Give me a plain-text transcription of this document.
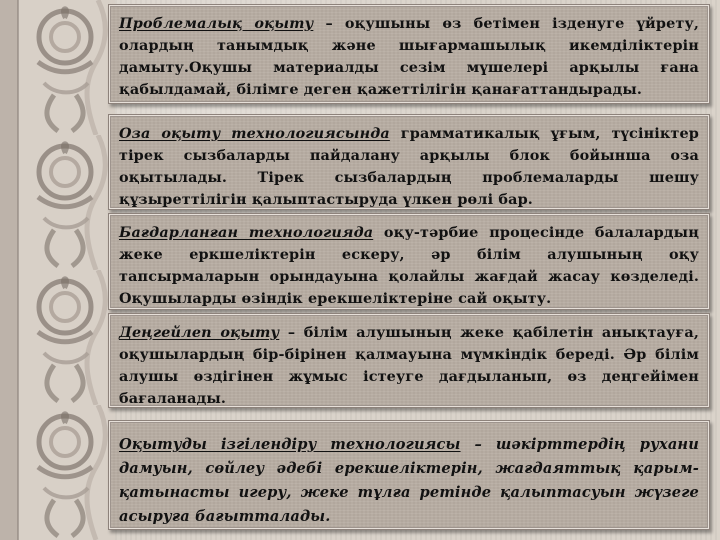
Проблемалық оқыту – оқушыны өз бетімен ізденуге үйрету, олардың танымдық және шығармашылық икемділіктерін дамыту.Оқушы материалды сезім мүшелері арқылы ғана қабылдамай, білімге деген қажеттілігін қанағаттандырады.

Оза оқыту технологиясында грамматикалық ұғым, түсініктер тірек сызбаларды пайдалану арқылы блок бойынша оза оқытылады. Тірек сызбалардың проблемаларды шешу құзыреттілігін қалыптастыруда үлкен рөлі бар.

Бағдарланған технологияда оқу-тәрбие процесінде балалардың жеке еркшеліктерін ескеру, әр білім алушының оқу тапсырмаларын орындауына қолайлы жағдай жасау көзделеді. Оқушыларды өзіндік ерекшеліктеріне сай оқыту.

Деңгейлеп оқыту – білім алушының жеке қабілетін анықтауға, оқушылардың бір-бірінен қалмауына мүмкіндік береді. Әр білім алушы өздігінен жұмыс істеуге дағдыланып, өз деңгейімен бағаланады.

Оқытуды ізгілендіру технологиясы – шәкірттердің рухани дамуын, сөйлеу әдебі ерекшеліктерін, жағдаяттық қарым-қатынасты игеру, жеке тұлға ретінде қалыптасуын жүзеге асыруға бағытталады.
